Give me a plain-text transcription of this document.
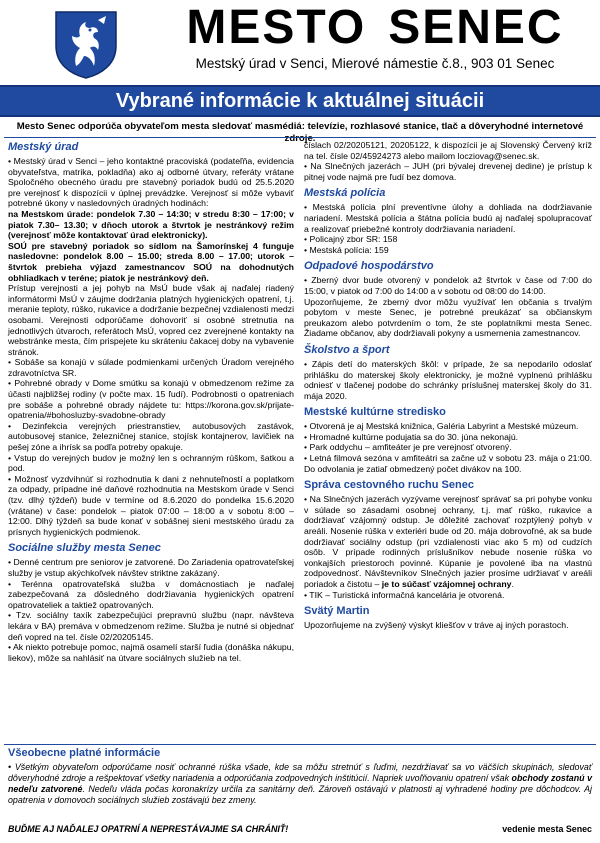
MESTO SENEC
Mestský úrad v Senci, Mierové námestie č.8., 903 01 Senec
Vybrané informácie k aktuálnej situácii
Mesto Senec odporúča obyvateľom mesta sledovať masmédiá: televízie, rozhlasové stanice, tlač a dôveryhodné internetové zdroje.
Mestský úrad
• Mestský úrad v Senci – jeho kontaktné pracoviská (podateľňa, evidencia obyvateľstva, matrika, pokladňa) ako aj odborné útvary, referáty vrátane Spoločného obecného úradu pre stavebný poriadok budú od 25.5.2020 pre verejnosť k dispozícii v úplnej prevádzke. Verejnosť si môže vybaviť potrebné úkony v nasledovných úradných hodinách:
na Mestskom úrade: pondelok 7.30 – 14:30; v stredu 8:30 – 17:00; v piatok 7.30– 13.30; v dňoch utorok a štvrtok je nestránkový režim (verejnosť môže kontaktovať úrad elektronicky).
SOÚ pre stavebný poriadok so sídlom na Šamorínskej 4 funguje nasledovne: pondelok 8.00 – 15.00; streda 8.00 – 17.00; utorok – štvrtok prebieha výjazd zamestnancov SOÚ na dohodnutých obhliadkach v teréne; piatok je nestránkový deň.
Prístup verejnosti a jej pohyb na MsÚ bude však aj naďalej riadený informátormi MsÚ v záujme dodržania platných hygienických opatrení, t.j. meranie teploty, rúško, rukavice a dodržanie bezpečnej vzdialenosti medzi osobami. Verejnosti odporúčame dohovoriť si osobné stretnutia na jednotlivých útvaroch, referátoch MsÚ, vopred cez zverejnené kontakty na webstránke mesta, čím prispejete ku skráteniu čakacej doby na vybavenie stránok.
• Sobáše sa konajú v súlade podmienkami určených Úradom verejného zdravotníctva SR.
• Pohrebné obrady v Dome smútku sa konajú v obmedzenom režime za účasti najbližšej rodiny (v počte max. 15 ľudí). Podrobnosti o opatreniach pre sobáše a pohrebné obrady nájdete tu: https://korona.gov.sk/prijate-opatrenia/#bohosluzby-svadobne-obrady
• Dezinfekcia verejných priestranstiev, autobusových zastávok, autobusovej stanice, železničnej stanice, stojísk kontajnerov, lavičiek na pešej zóne a ihrísk sa podľa potreby opakuje.
• Vstup do verejných budov je možný len s ochranným rúškom, šatkou a pod.
• Možnosť vyzdvihnúť si rozhodnutia k dani z nehnuteľností a poplatkom za odpady, prípadne iné daňové rozhodnutia na Mestskom úrade v Senci (tzv. dlhý týždeň) bude v termíne od 8.6.2020 do pondelka 15.6.2020 (vrátane) v čase: pondelok – piatok 07:00 – 18:00 a v sobotu 8:00 – 12:00. Dlhý týždeň sa bude konať v sobášnej sieni mestského úradu za prísnych hygienických podmienok.
Sociálne služby mesta Senec
• Denné centrum pre seniorov je zatvorené. Do Zariadenia opatrovateľskej služby je vstup akýchkoľvek návštev striktne zakázaný.
• Terénna opatrovateľská služba v domácnostiach je naďalej zabezpečovaná za dôsledného dodržiavania hygienických opatrení opatrovateliek a taktiež opatrovaných.
• Tzv. sociálny taxík zabezpečujúci prepravnú službu (napr. návšteva lekára v BA) premáva v obmedzenom režime. Služba je nutné si objednať deň vopred na tel. čísle 02/20205145.
• Ak niekto potrebuje pomoc, najmä osamelí starší ľudia (donáška nákupu, liekov), môže sa nahlásiť na útvare sociálnych služieb na tel.
číslach 02/20205121, 20205122, k dispozícii je aj Slovenský Červený kríž na tel. čísle 02/45924273 alebo mailom locziovag@senec.sk.
• Na Slnečných jazerách – JUH (pri bývalej drevenej dedine) je prístup k pitnej vode najmä pre ľudí bez domova.
Mestská polícia
• Mestská polícia plní preventívne úlohy a dohliada na dodržiavanie nariadení. Mestská polícia a štátna polícia budú aj naďalej spolupracovať a realizovať priebežné kontroly dodržiavania nariadení.
• Policajný zbor SR: 158
• Mestská polícia: 159
Odpadové hospodárstvo
• Zberný dvor bude otvorený v pondelok až štvrtok v čase od 7:00 do 15:00, v piatok od 7:00 do 14:00 a v sobotu od 08:00 do 14:00.
Upozorňujeme, že zberný dvor môžu využívať len občania s trvalým pobytom v meste Senec, je potrebné preukázať sa občianskym preukazom alebo potvrdením o tom, že ste poplatníkmi mesta Senec. Žiadame občanov, aby dodržiavali pokyny a usmernenia zamestnancov.
Školstvo a šport
• Zápis detí do materských škôl: v prípade, že sa nepodarilo odoslať prihlášku do materskej školy elektronicky, je možné vyplnenú prihlášku odniesť v tlačenej podobe do schránky príslušnej materskej školy do 31. mája 2020.
Mestské kultúrne stredisko
• Otvorená je aj Mestská knižnica, Galéria Labyrint a Mestské múzeum.
• Hromadné kultúrne podujatia sa do 30. júna nekonajú.
• Park oddychu – amfiteáter je pre verejnosť otvorený.
• Letná filmová sezóna v amfiteátri sa začne už v sobotu 23. mája o 21:00. Do odvolania je zatiaľ obmedzený počet divákov na 100.
Správa cestovného ruchu Senec
• Na Slnečných jazerách vyzývame verejnosť správať sa pri pohybe vonku v súlade so zásadami osobnej ochrany, t.j. mať rúško, rukavice a dodržiavať vzájomný odstup. Je dôležité zachovať rozptýlený pohyb v areáli. Nosenie rúška v exteriéri bude od 20. mája dobrovoľné, ak sa bude dodržiavať sociálny odstup (pri vzdialenosti viac ako 5 m) od cudzích osôb. V prípade rodinných príslušníkov nebude nosenie rúška vo vonkajších priestoroch povinné. Kúpanie je povolené iba na vlastnú zodpovednosť. Návštevníkov Slnečných jazier prosíme udržiavať v areáli poriadok a čistotu – je to súčasť vzájomnej ochrany.
• TIK – Turistická informačná kancelária je otvorená.
Svätý Martin
Upozorňujeme na zvýšený výskyt kliešťov v tráve aj iných porastoch.
Všeobecne platné informácie
• Všetkým obyvateľom odporúčame nosiť ochranné rúška všade, kde sa môžu stretnúť s ľuďmi, nezdržiavať sa vo väčších skupinách, sledovať dôveryhodné zdroje a rešpektovať všetky nariadenia a odporúčania zodpovedných inštitúcií. Napriek uvoľňovaniu opatrení však obchody zostanú v nedeľu zatvorené. Nedeľu vláda počas koronakrízy určila za sanitárny deň. Zároveň ostávajú v platnosti aj vyhradené hodiny pre dôchodcov. Aj opatrenia v domovoch sociálnych služieb zostávajú bez zmeny.
BUĎME AJ NAĎALEJ OPATRNÍ A NEPRESTÁVAJME SA CHRÁNIŤ!	vedenie mesta Senec
